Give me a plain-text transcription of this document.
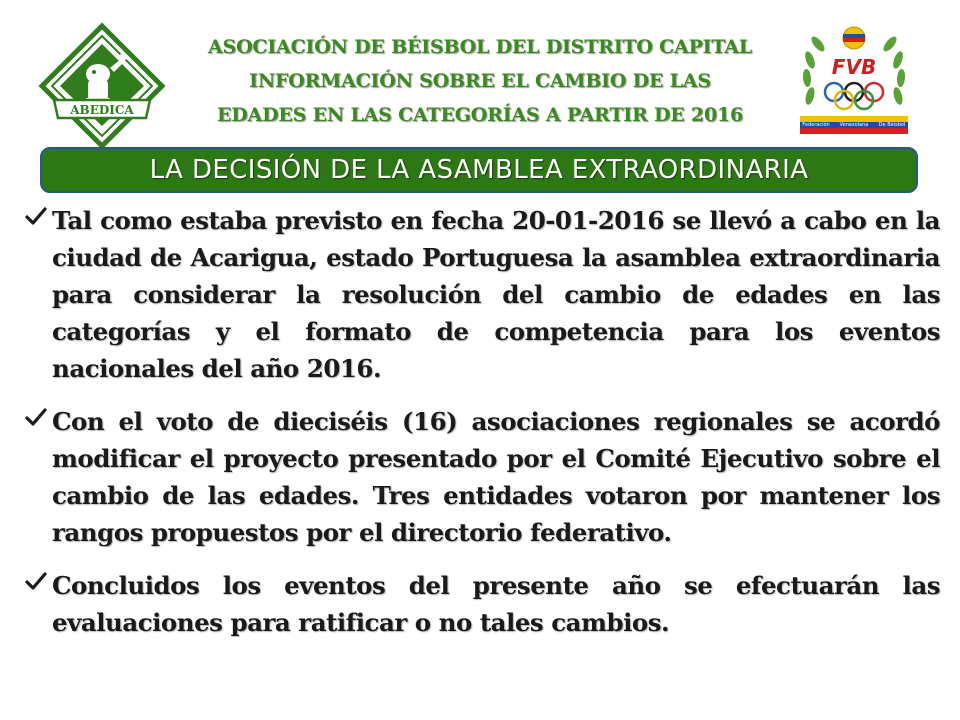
ABEDICA
ASOCIACIÓN DE BÉISBOL DEL DISTRITO CAPITAL
INFORMACIÓN SOBRE EL CAMBIO DE LAS
EDADES EN LAS CATEGORÍAS A PARTIR DE 2016
FVB
Federación Venezolana De Béisbol
LA DECISIÓN DE LA ASAMBLEA EXTRAORDINARIA
Tal como estaba previsto en fecha 20-01-2016 se llevó a cabo en la ciudad de Acarigua, estado Portuguesa la asamblea extraordinaria para considerar la resolución del cambio de edades en las categorías y el formato de competencia para los eventos nacionales del año 2016.
Con el voto de dieciséis (16) asociaciones regionales se acordó modificar el proyecto presentado por el Comité Ejecutivo sobre el cambio de las edades. Tres entidades votaron por mantener los rangos propuestos por el directorio federativo.
Concluidos los eventos del presente año se efectuarán las evaluaciones para ratificar o no tales cambios.
